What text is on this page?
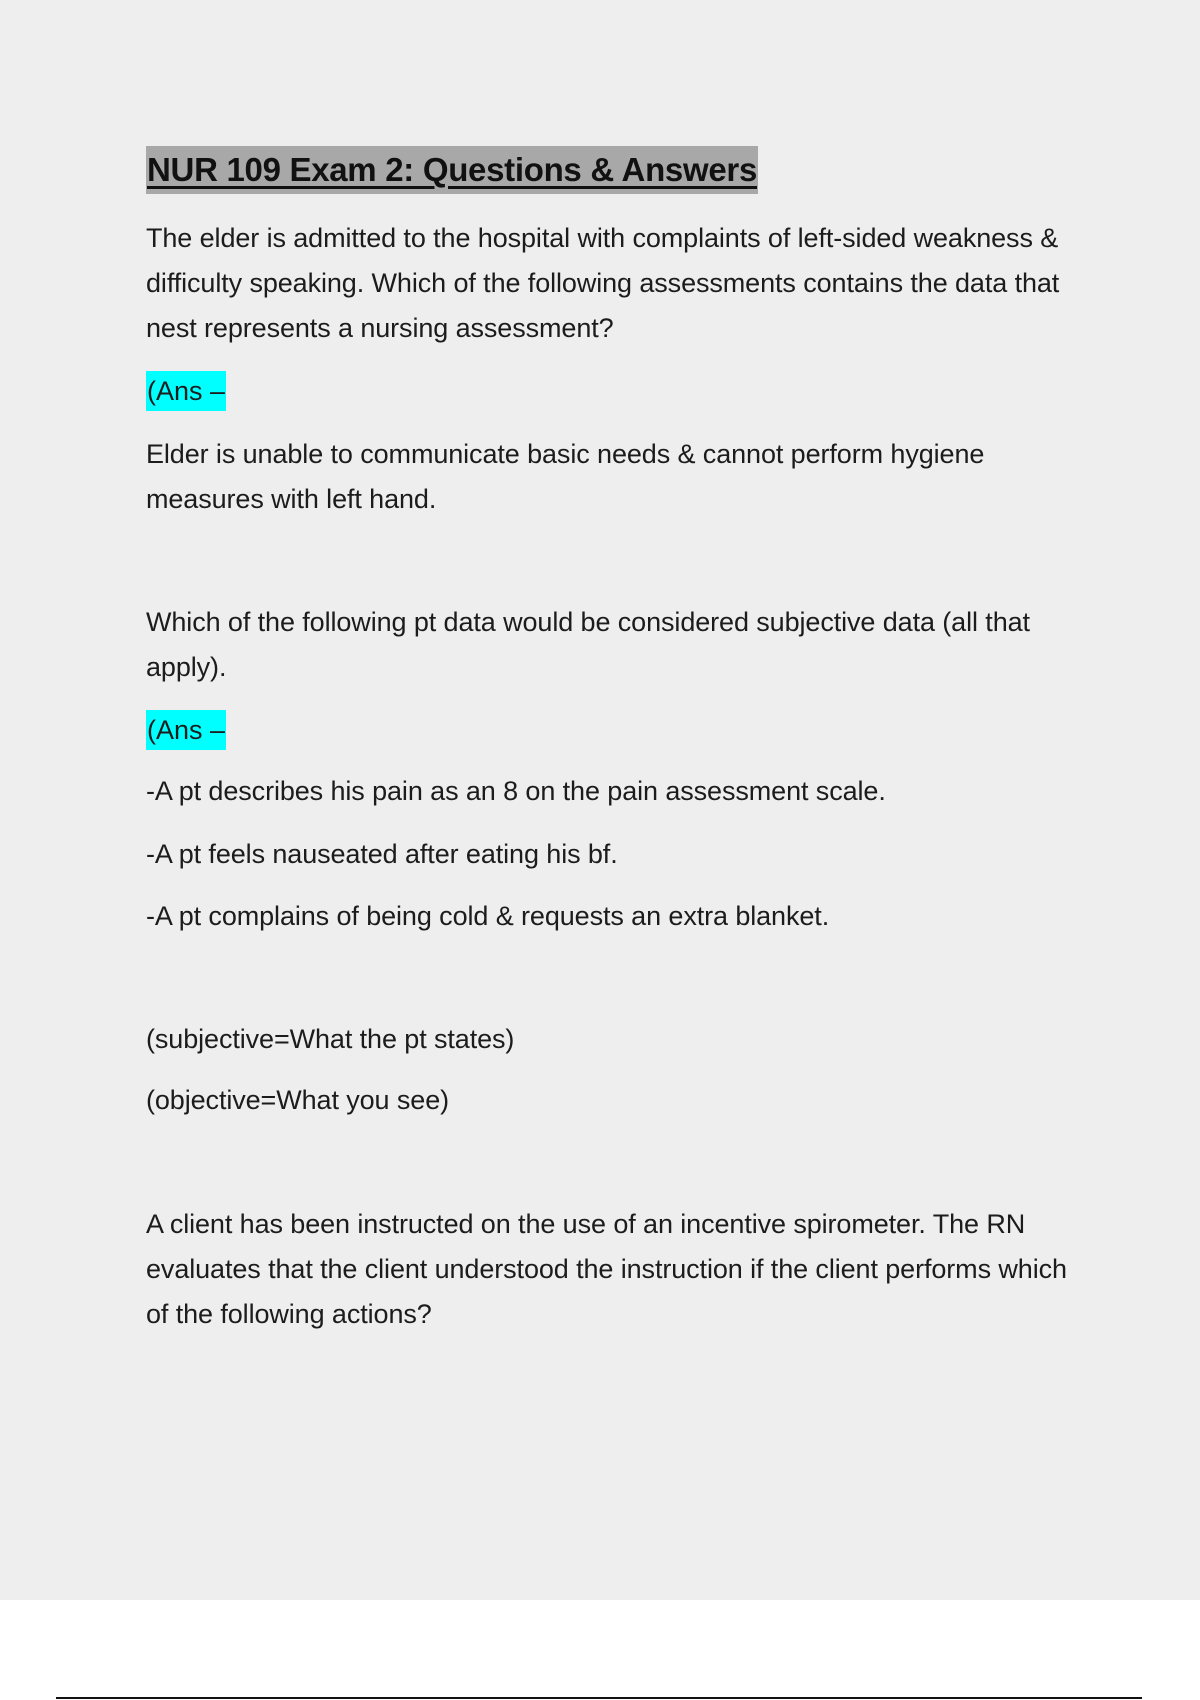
NUR 109 Exam 2: Questions & Answers

The elder is admitted to the hospital with complaints of left-sided weakness & difficulty speaking. Which of the following assessments contains the data that nest represents a nursing assessment?

(Ans –

Elder is unable to communicate basic needs & cannot perform hygiene measures with left hand.

Which of the following pt data would be considered subjective data (all that apply).

(Ans –

-A pt describes his pain as an 8 on the pain assessment scale.

-A pt feels nauseated after eating his bf.

-A pt complains of being cold & requests an extra blanket.

(subjective=What the pt states)

(objective=What you see)

A client has been instructed on the use of an incentive spirometer. The RN evaluates that the client understood the instruction if the client performs which of the following actions?
